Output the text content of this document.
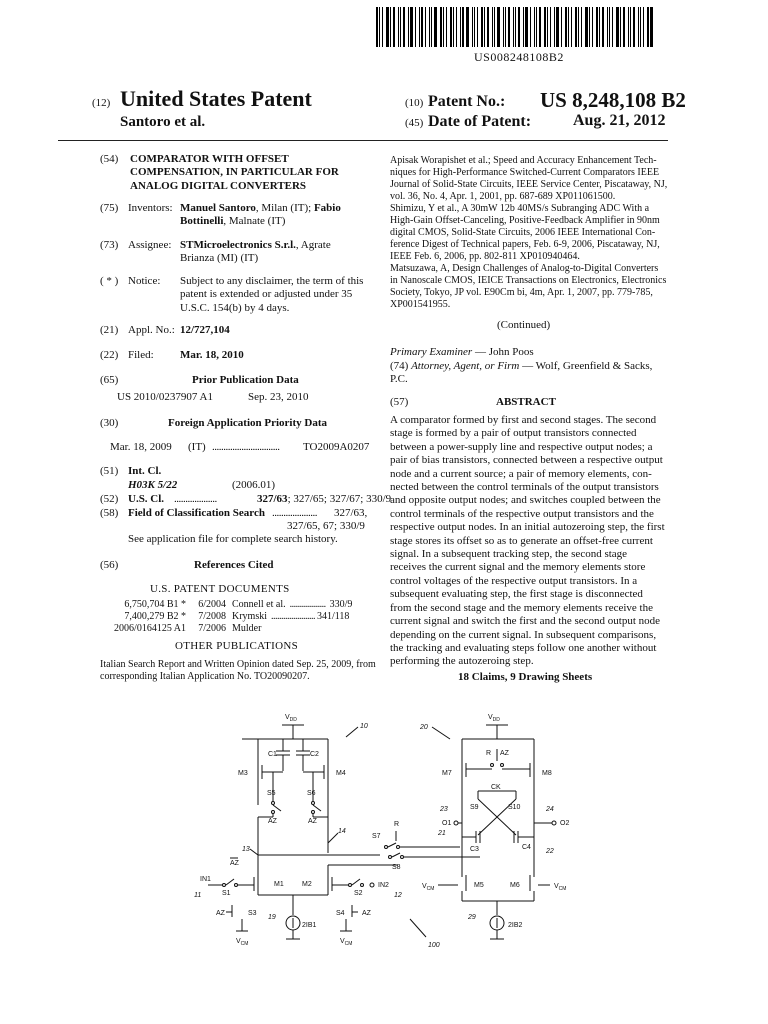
US008248108B2
(12) United States Patent
Santoro et al.
(10) Patent No.: US 8,248,108 B2
(45) Date of Patent:	Aug. 21, 2012
(54) COMPARATOR WITH OFFSET
COMPENSATION, IN PARTICULAR FOR
ANALOG DIGITAL CONVERTERS
(75) Inventors: Manuel Santoro, Milan (IT); Fabio
Bottinelli, Malnate (IT)
(73) Assignee: STMicroelectronics S.r.l., Agrate
Brianza (MI) (IT)
( * ) Notice: Subject to any disclaimer, the term of this
patent is extended or adjusted under 35
U.S.C. 154(b) by 4 days.
(21) Appl. No.: 12/727,104
(22) Filed: Mar. 18, 2010
(65)	Prior Publication Data
US 2010/0237907 A1	Sep. 23, 2010
(30)	Foreign Application Priority Data
Mar. 18, 2009 (IT) .............................. TO2009A0207
(51) Int. Cl.
H03K 5/22	(2006.01)
(52) U.S. Cl. ...................	327/63; 327/65; 327/67; 330/9
(58) Field of Classification Search .................... 327/63,
327/65, 67; 330/9
See application file for complete search history.
(56)	References Cited
U.S. PATENT DOCUMENTS
6,750,704 B1 *	6/2004 Connell et al. .................. 330/9
7,400,279 B2 *	7/2008 Krymski ...................... 341/118
2006/0164125 A1	7/2006 Mulder
OTHER PUBLICATIONS
Italian Search Report and Written Opinion dated Sep. 25, 2009, from
corresponding Italian Application No. TO20090207.
Apisak Worapishet et al.; Speed and Accuracy Enhancement Tech-
niques for High-Performance Switched-Current Comparators IEEE
Journal of Solid-State Circuits, IEEE Service Center, Piscataway, NJ,
vol. 36, No. 4, Apr. 1, 2001, pp. 687-689 XP011061500.
Shimizu, Y et al., A 30mW 12b 40MS/s Subranging ADC With a
High-Gain Offset-Canceling, Positive-Feedback Amplifier in 90nm
digital CMOS, Solid-State Circuits, 2006 IEEE International Con-
ference Digest of Technical papers, Feb. 6-9, 2006, Piscataway, NJ,
IEEE Feb. 6, 2006, pp. 802-811 XP010940464.
Matsuzawa, A, Design Challenges of Analog-to-Digital Converters
in Nanoscale CMOS, IEICE Transactions on Electronics, Electronics
Society, Tokyo, JP vol. E90Cm bi, 4m, Apr. 1, 2007, pp. 779-785,
XP001541955.
(Continued)
Primary Examiner — John Poos
(74) Attorney, Agent, or Firm — Wolf, Greenfield & Sacks,
P.C.
(57)	ABSTRACT
A comparator formed by first and second stages. The second
stage is formed by a pair of output transistors connected
between a power-supply line and respective output nodes; a
pair of bias transistors, connected between a respective output
node and a current source; a pair of memory elements, con-
nected between the control terminals of the output transistors
and opposite output nodes; and switches coupled between the
control terminals of the respective output transistors and the
respective output nodes. In an initial autozeroing step, the first
stage stores its offset so as to generate an offset-free current
signal. In a subsequent tracking step, the second stage
receives the current signal and the memory elements store
control voltages of the respective output transistors. In a
subsequent evaluating step, the first stage is disconnected
from the second stage and the memory elements receive the
current signal and switch the first and the second output node
depending on the current signal. In subsequent comparisons,
the tracking and evaluating steps follow one another without
performing the autozeroing step.
18 Claims, 9 Drawing Sheets
$V_{DD}$
10
C1	C2
M3	M4
S5	S6
AZ	AZ
14
13
AZ
M1	M2
IN1
S1
11
IN2
S2	12
AZ	S3	S4 AZ
2IB1
19
$V_{CM}$	$V_{CM}$
S7
R
S8
20
$V_{DD}$
R AZ
M7	M8
CK
S9	S10
23	24
O1	O2
21
C3	C4
22
$V_{CM}$	M5	M6	$V_{CM}$
29
2IB2
100
